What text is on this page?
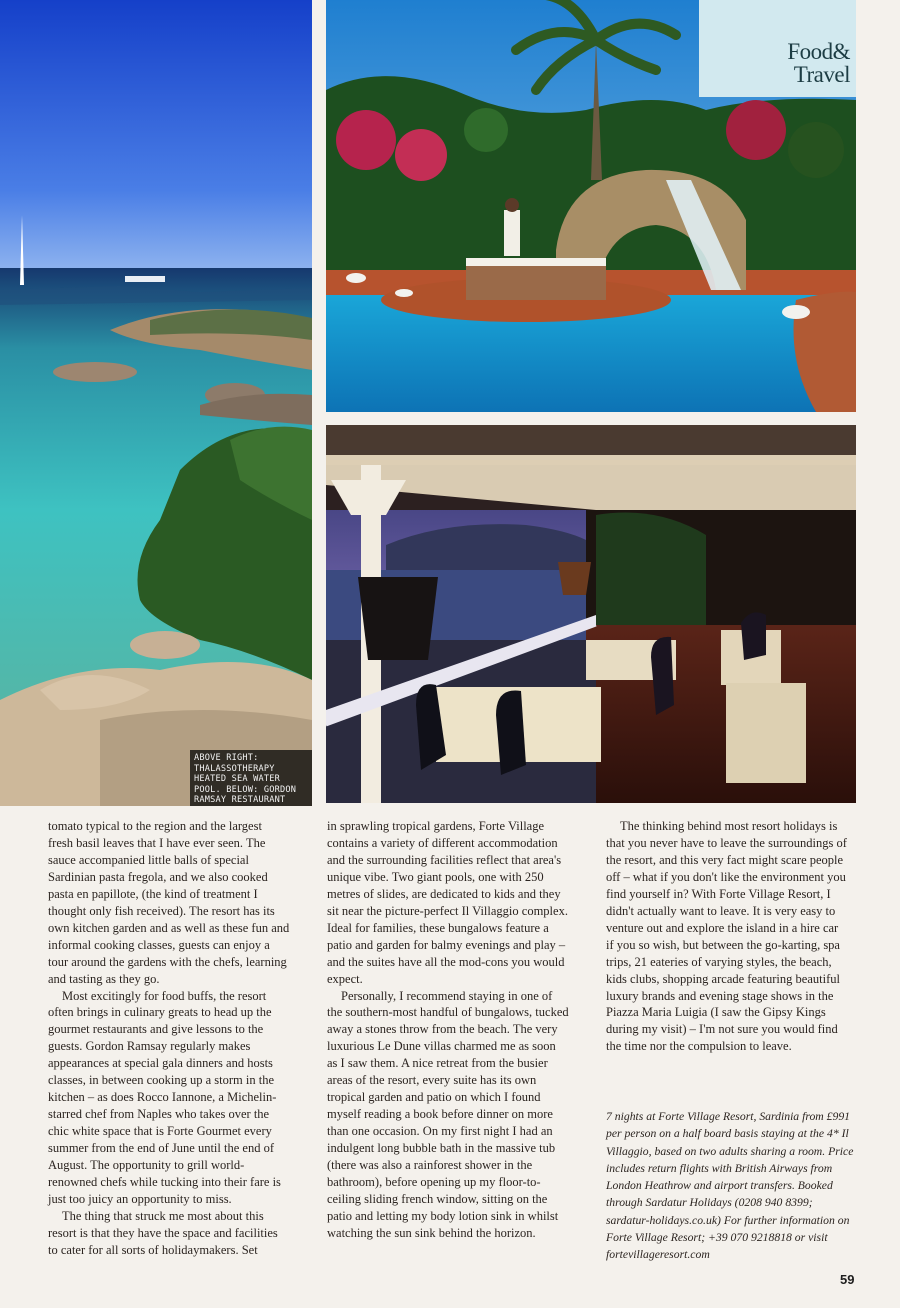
ABOVE RIGHT:
THALASSOTHERAPY
HEATED SEA WATER
POOL. BELOW: GORDON
RAMSAY RESTAURANT
Food&
Travel

tomato typical to the region and the largest fresh basil leaves that I have ever seen. The sauce accompanied little balls of special Sardinian pasta fregola, and we also cooked pasta en papillote, (the kind of treatment I thought only fish received). The resort has its own kitchen garden and as well as these fun and informal cooking classes, guests can enjoy a tour around the gardens with the chefs, learning and tasting as they go.

Most excitingly for food buffs, the resort often brings in culinary greats to head up the gourmet restaurants and give lessons to the guests. Gordon Ramsay regularly makes appearances at special gala dinners and hosts classes, in between cooking up a storm in the kitchen – as does Rocco Iannone, a Michelin-starred chef from Naples who takes over the chic white space that is Forte Gourmet every summer from the end of June until the end of August. The opportunity to grill world-renowned chefs while tucking into their fare is just too juicy an opportunity to miss.

The thing that struck me most about this resort is that they have the space and facilities to cater for all sorts of holidaymakers. Set

in sprawling tropical gardens, Forte Village contains a variety of different accommodation and the surrounding facilities reflect that area's unique vibe. Two giant pools, one with 250 metres of slides, are dedicated to kids and they sit near the picture-perfect Il Villaggio complex. Ideal for families, these bungalows feature a patio and garden for balmy evenings and play – and the suites have all the mod-cons you would expect.

Personally, I recommend staying in one of the southern-most handful of bungalows, tucked away a stones throw from the beach. The very luxurious Le Dune villas charmed me as soon as I saw them. A nice retreat from the busier areas of the resort, every suite has its own tropical garden and patio on which I found myself reading a book before dinner on more than one occasion. On my first night I had an indulgent long bubble bath in the massive tub (there was also a rainforest shower in the bathroom), before opening up my floor-to-ceiling sliding french window, sitting on the patio and letting my body lotion sink in whilst watching the sun sink behind the horizon.

The thinking behind most resort holidays is that you never have to leave the surroundings of the resort, and this very fact might scare people off – what if you don't like the environment you find yourself in? With Forte Village Resort, I didn't actually want to leave. It is very easy to venture out and explore the island in a hire car if you so wish, but between the go-karting, spa trips, 21 eateries of varying styles, the beach, kids clubs, shopping arcade featuring beautiful luxury brands and evening stage shows in the Piazza Maria Luigia (I saw the Gipsy Kings during my visit) – I'm not sure you would find the time nor the compulsion to leave.

7 nights at Forte Village Resort, Sardinia from £991 per person on a half board basis staying at the 4* Il Villaggio, based on two adults sharing a room. Price includes return flights with British Airways from London Heathrow and airport transfers. Booked through Sardatur Holidays (0208 940 8399; sardatur-holidays.co.uk) For further information on Forte Village Resort; +39 070 9218818 or visit fortevillageresort.com
59
